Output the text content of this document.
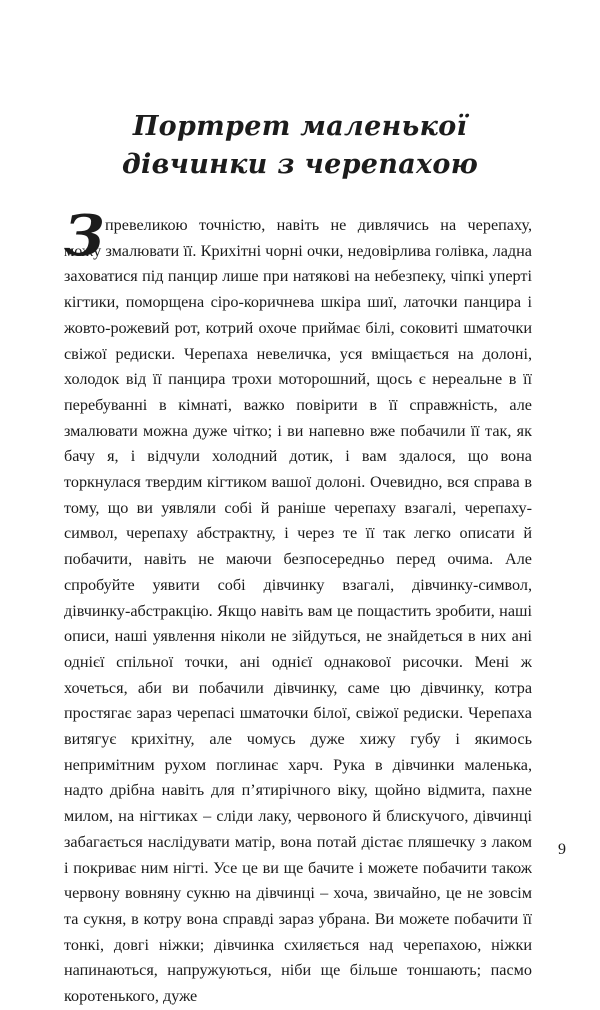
Портрет маленької
дівчинки з черепахою
З превеликою точністю, навіть не дивлячись на черепаху,
можу змалювати її. Крихітні чорні очки, недовірлива голівка, ладна заховатися під панцир лише при натякові на небезпеку, чіпкі уперті кігтики, поморщена сіро-коричнева шкіра шиї, латочки панцира і жовто-рожевий рот, котрий охоче приймає білі, соковиті шматочки свіжої редиски. Черепаха невеличка, уся вміщається на долоні, холодок від її панцира трохи моторошний, щось є нереальне в її перебуванні в кімнаті, важко повірити в її справжність, але змалювати можна дуже чітко; і ви напевно вже побачили її так, як бачу я, і відчули холодний дотик, і вам здалося, що вона торкнулася твердим кігтиком вашої долоні. Очевидно, вся справа в тому, що ви уявляли собі й раніше черепаху взагалі, черепаху-символ, черепаху абстрактну, і через те її так легко описати й побачити, навіть не маючи безпосередньо перед очима. Але спробуйте уявити собі дівчинку взагалі, дівчинку-символ, дівчинку-абстракцію. Якщо навіть вам це пощастить зробити, наші описи, наші уявлення ніколи не зійдуться, не знайдеться в них ані однієї спільної точки, ані однієї однакової рисочки. Мені ж хочеться, аби ви побачили дівчинку, саме цю дівчинку, котра простягає зараз черепасі шматочки білої, свіжої редиски. Черепаха витягує крихітну, але чомусь дуже хижу губу і якимось непримітним рухом поглинає харч. Рука в дівчинки маленька, надто дрібна навіть для п’ятирічного віку, щойно відмита, пахне милом, на нігтиках – сліди лаку, червоного й блискучого, дівчинці забагається наслідувати матір, вона потай дістає пляшечку з лаком і покриває ним нігті. Усе це ви ще бачите і можете побачити також червону вовняну сукню на дівчинці – хоча, звичайно, це не зовсім та сукня, в котру вона справді зараз убрана. Ви можете побачити її тонкі, довгі ніжки; дівчинка схиляється над черепахою, ніжки напинаються, напружуються, ніби ще більше тоншають; пасмо коротенького, дуже
9
